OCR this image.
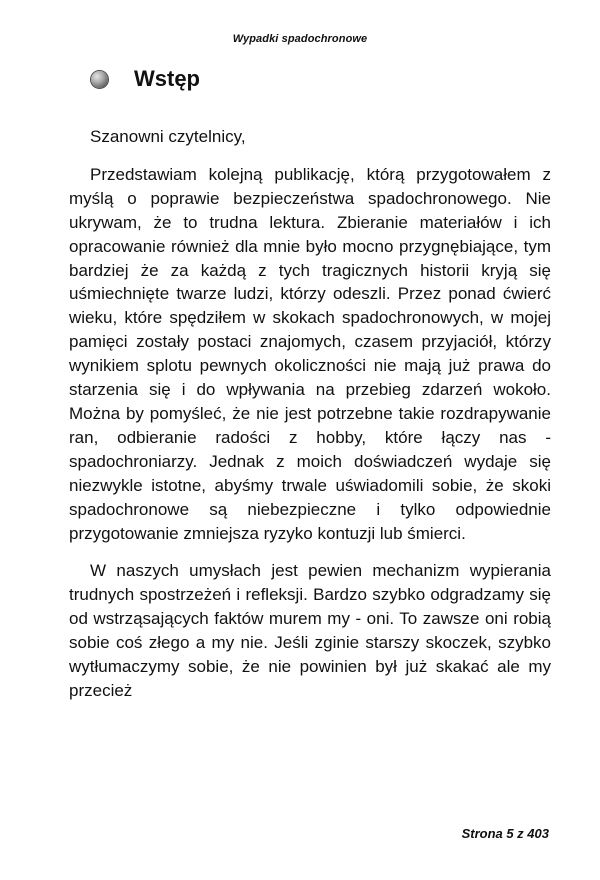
Wypadki spadochronowe
Wstęp

Szanowni czytelnicy,

Przedstawiam kolejną publikację, którą przygotowałem z myślą o poprawie bezpieczeństwa spadochronowego. Nie ukrywam, że to trudna lektura. Zbieranie materiałów i ich opracowanie również dla mnie było mocno przygnębiające, tym bardziej że za każdą z tych tragicznych historii kryją się uśmiechnięte twarze ludzi, którzy odeszli. Przez ponad ćwierć wieku, które spędziłem w skokach spadochronowych, w mojej pamięci zostały postaci znajomych, czasem przyjaciół, którzy wynikiem splotu pewnych okoliczności nie mają już prawa do starzenia się i do wpływania na przebieg zdarzeń wokoło. Można by pomyśleć, że nie jest potrzebne takie rozdrapywanie ran, odbieranie radości z hobby, które łączy nas - spadochroniarzy. Jednak z moich doświadczeń wydaje się niezwykle istotne, abyśmy trwale uświadomili sobie, że skoki spadochronowe są niebezpieczne i tylko odpowiednie przygotowanie zmniejsza ryzyko kontuzji lub śmierci.

W naszych umysłach jest pewien mechanizm wypierania trudnych spostrzeżeń i refleksji. Bardzo szybko odgradzamy się od wstrząsających faktów murem my - oni. To zawsze oni robią sobie coś złego a my nie. Jeśli zginie starszy skoczek, szybko wytłumaczymy sobie, że nie powinien był już skakać ale my przecież

Strona 5 z 403
